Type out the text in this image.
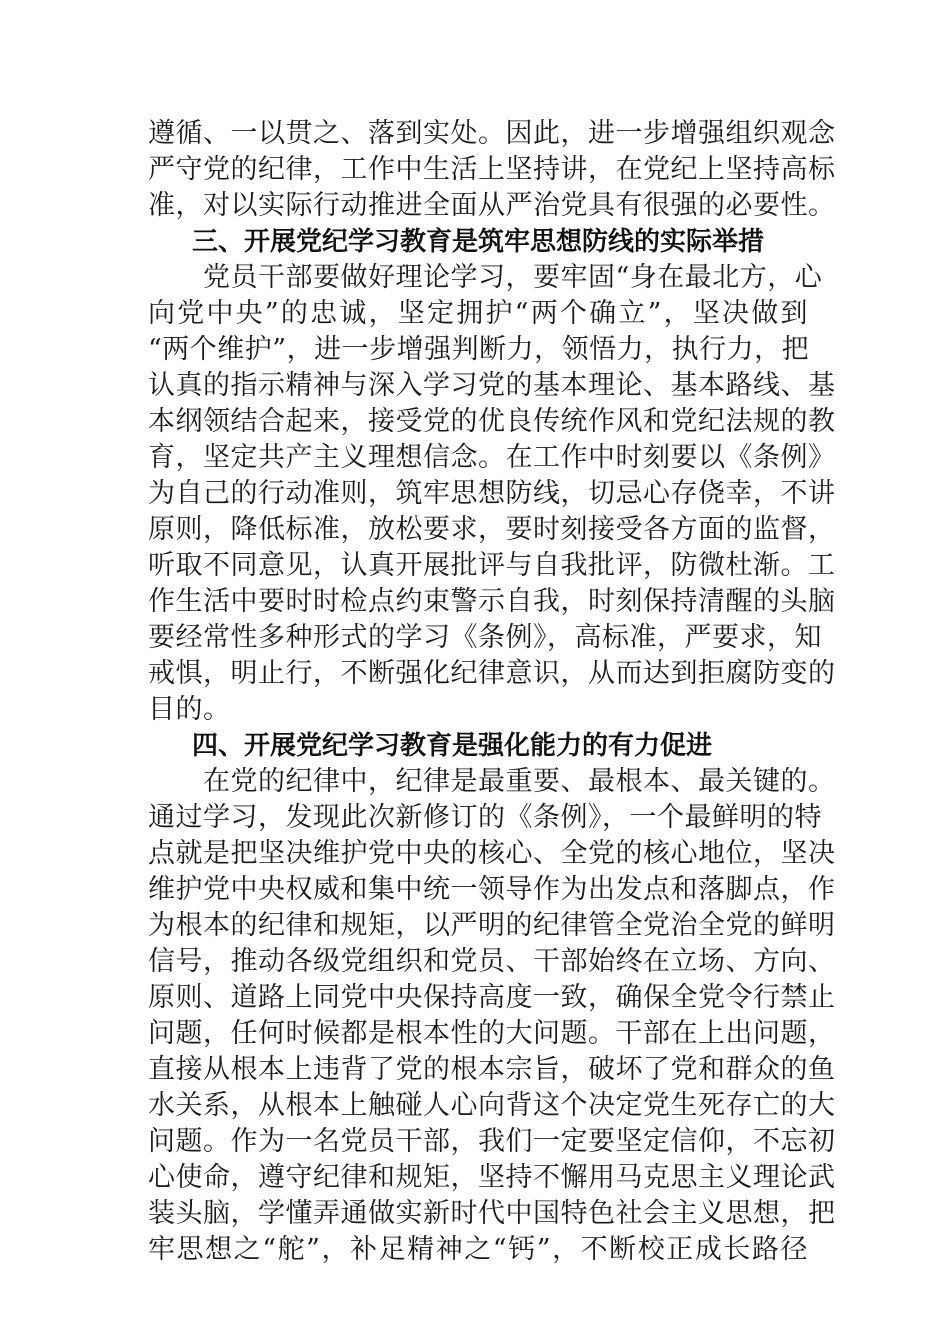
遵循、一以贯之、落到实处。因此，进一步增强组织观念
严守党的纪律，工作中生活上坚持讲，在党纪上坚持高标
准，对以实际行动推进全面从严治党具有很强的必要性。
三、开展党纪学习教育是筑牢思想防线的实际举措
　　党员干部要做好理论学习，要牢固“身在最北方，心
向党中央”的忠诚，坚定拥护“两个确立”，坚决做到
“两个维护”，进一步增强判断力，领悟力，执行力，把
认真的指示精神与深入学习党的基本理论、基本路线、基
本纲领结合起来，接受党的优良传统作风和党纪法规的教
育，坚定共产主义理想信念。在工作中时刻要以《条例》
为自己的行动准则，筑牢思想防线，切忌心存侥幸，不讲
原则，降低标准，放松要求，要时刻接受各方面的监督，
听取不同意见，认真开展批评与自我批评，防微杜渐。工
作生活中要时时检点约束警示自我，时刻保持清醒的头脑
要经常性多种形式的学习《条例》，高标准，严要求，知
戒惧，明止行，不断强化纪律意识，从而达到拒腐防变的
目的。
四、开展党纪学习教育是强化能力的有力促进
　　在党的纪律中，纪律是最重要、最根本、最关键的。
通过学习，发现此次新修订的《条例》，一个最鲜明的特
点就是把坚决维护党中央的核心、全党的核心地位，坚决
维护党中央权威和集中统一领导作为出发点和落脚点，作
为根本的纪律和规矩，以严明的纪律管全党治全党的鲜明
信号，推动各级党组织和党员、干部始终在立场、方向、
原则、道路上同党中央保持高度一致，确保全党令行禁止
问题，任何时候都是根本性的大问题。干部在上出问题，
直接从根本上违背了党的根本宗旨，破坏了党和群众的鱼
水关系，从根本上触碰人心向背这个决定党生死存亡的大
问题。作为一名党员干部，我们一定要坚定信仰，不忘初
心使命，遵守纪律和规矩，坚持不懈用马克思主义理论武
装头脑，学懂弄通做实新时代中国特色社会主义思想，把
牢思想之“舵”，补足精神之“钙”，不断校正成长路径
